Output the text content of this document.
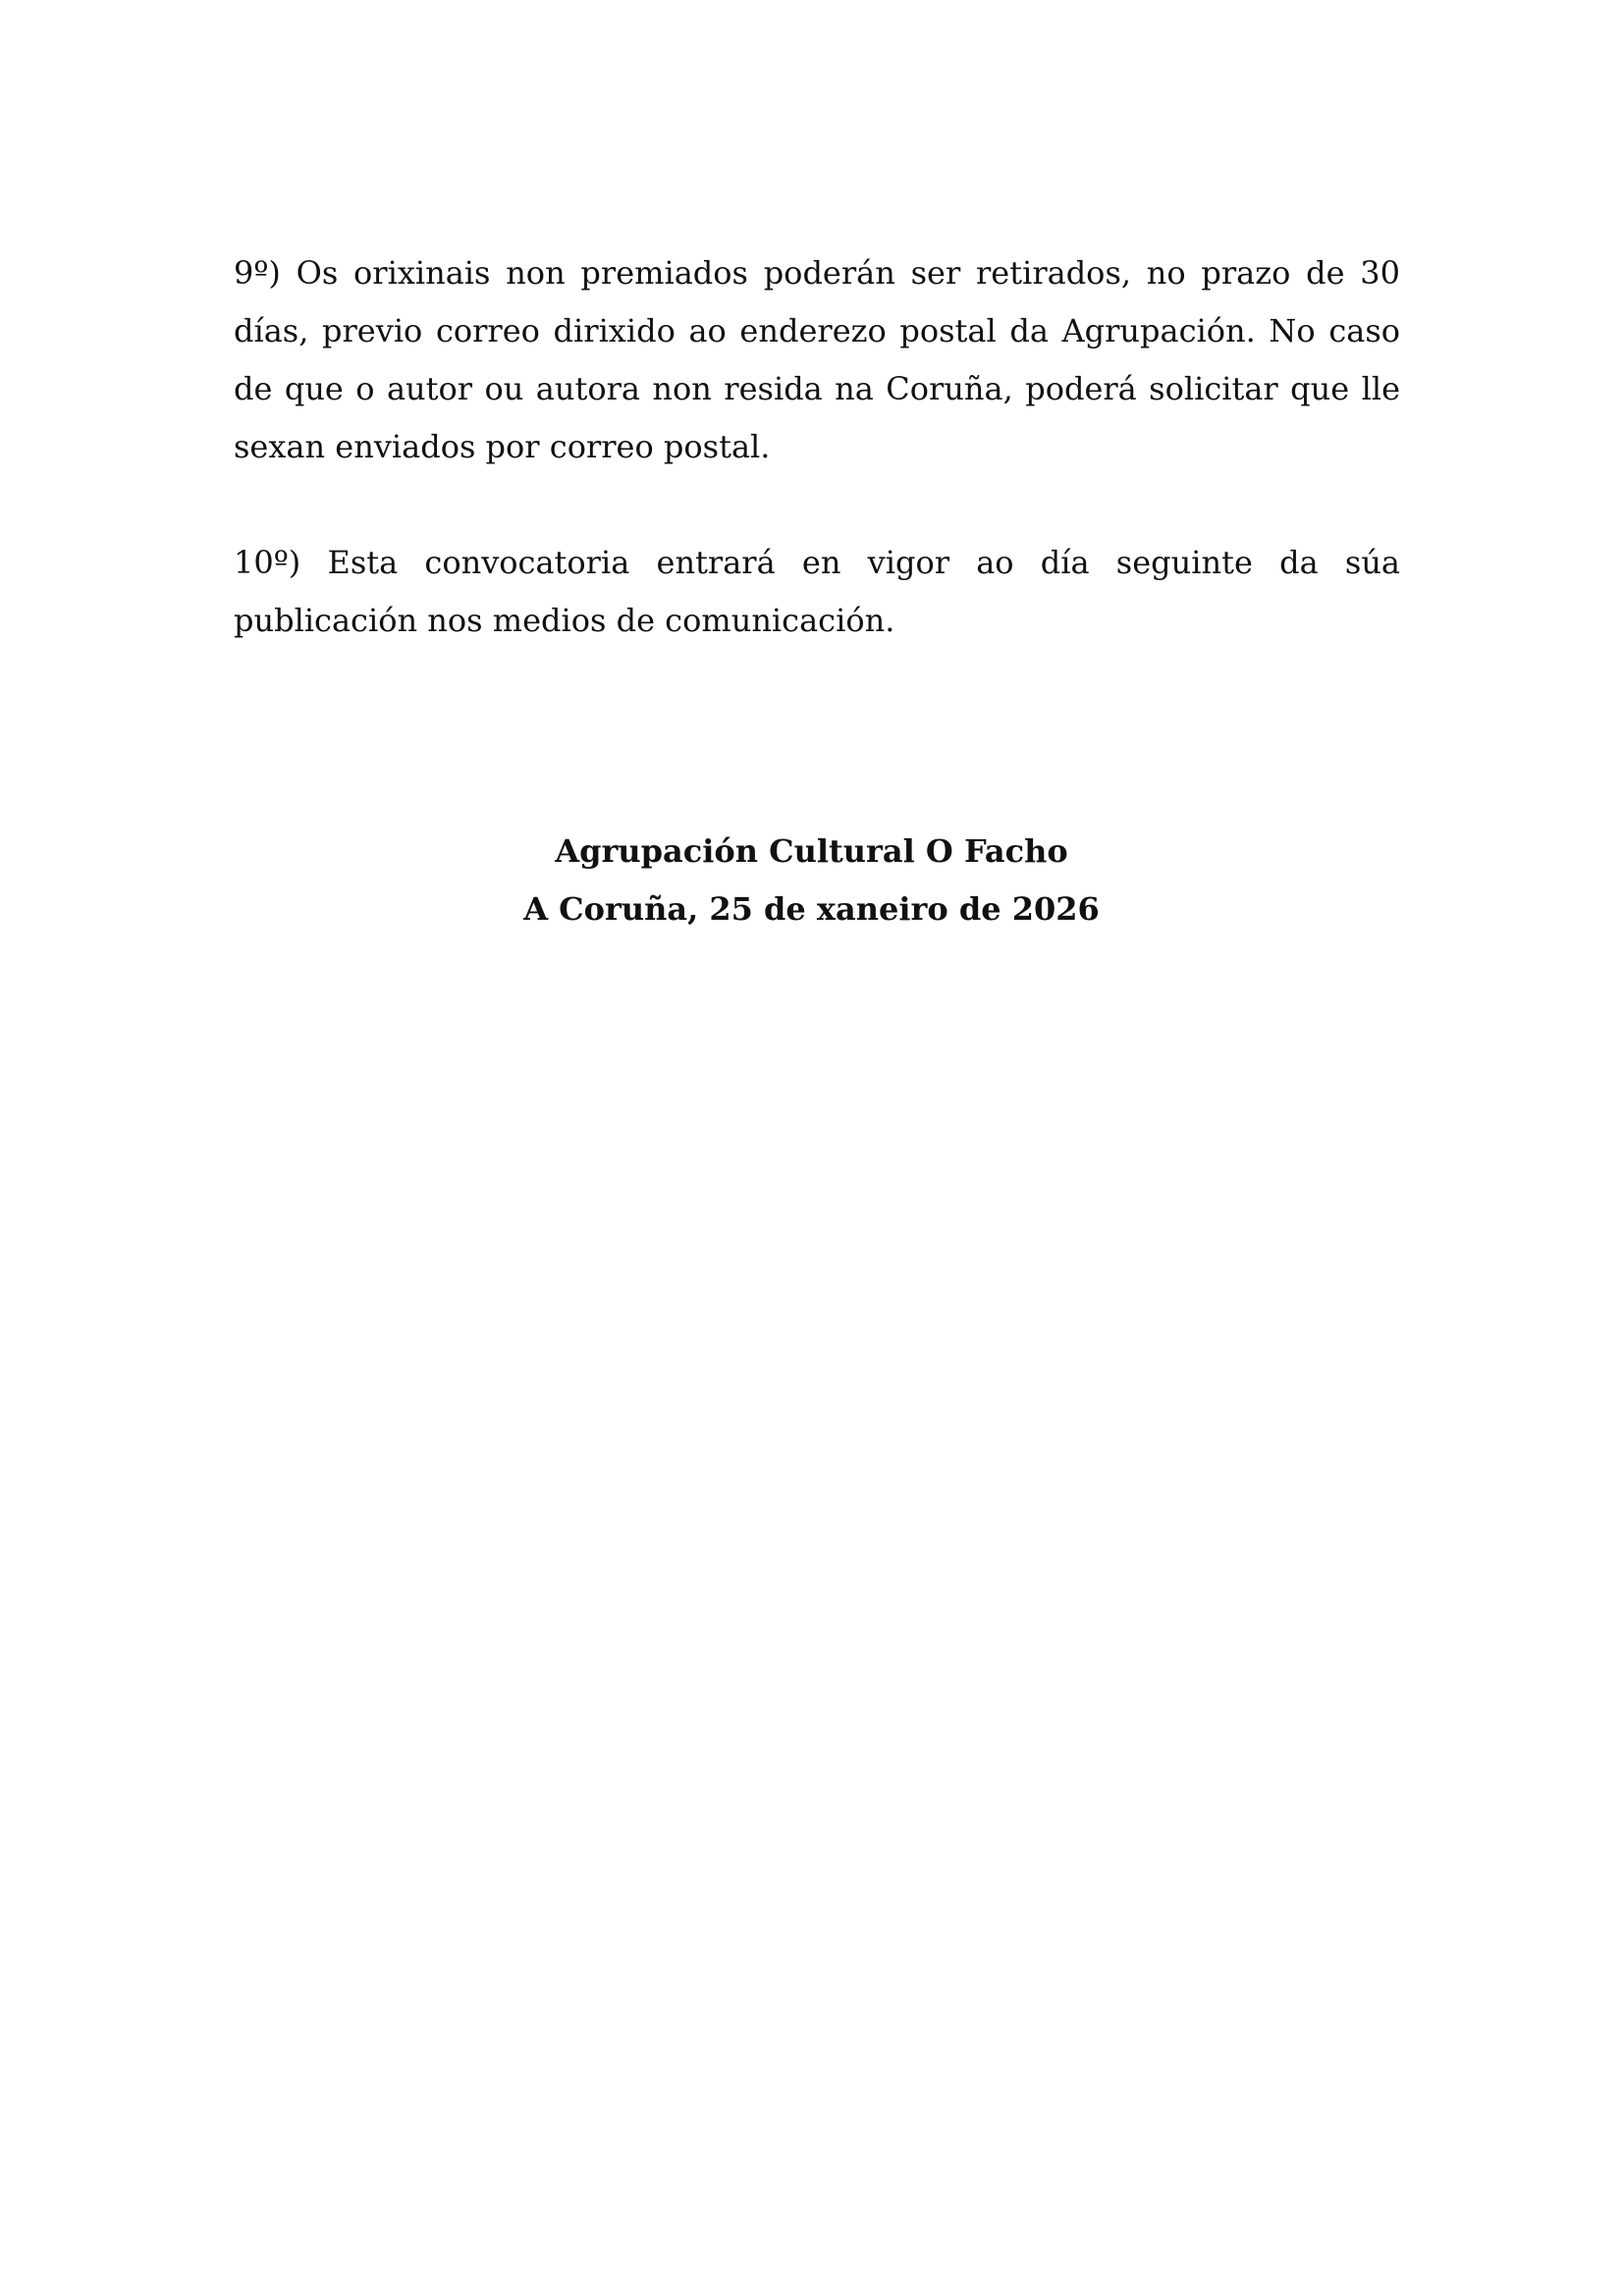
9º) Os orixinais non premiados poderán ser retirados, no prazo de 30 días, previo correo dirixido ao enderezo postal da Agrupación. No caso de que o autor ou autora non resida na Coruña, poderá solicitar que lle sexan enviados por correo postal.

10º) Esta convocatoria entrará en vigor ao día seguinte da súa publicación nos medios de comunicación.

Agrupación Cultural O Facho
A Coruña, 25 de xaneiro de 2026
